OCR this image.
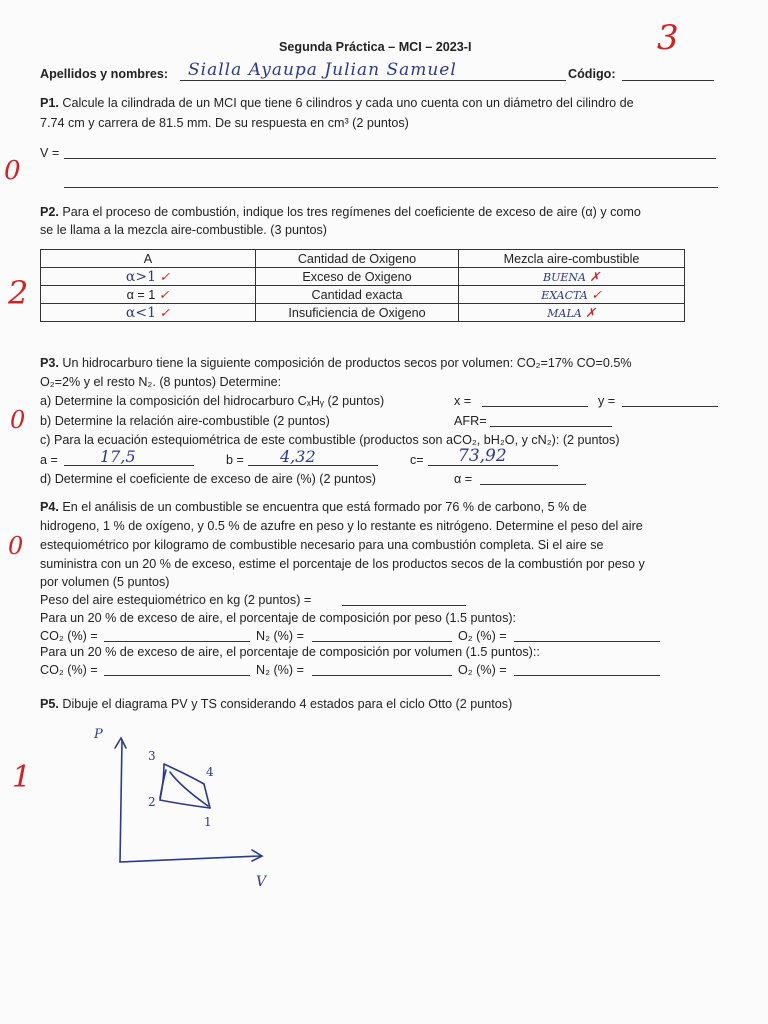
Segunda Práctica – MCI – 2023-I	3
Apellidos y nombres: Sialla Ayaupa Julian Samuel	Código:
P1. Calcule la cilindrada de un MCI que tiene 6 cilindros y cada uno cuenta con un diámetro del cilindro de
7.74 cm y carrera de 81.5 mm. De su respuesta en cm³ (2 puntos)
V =
0
P2. Para el proceso de combustión, indique los tres regímenes del coeficiente de exceso de aire (α) y como
se le llama a la mezcla aire-combustible. (3 puntos)
2
A	Cantidad de Oxigeno	Mezcla aire-combustible
α>1 ✓	Exceso de Oxigeno	BUENA ✗
α = 1 ✓	Cantidad exacta	EXACTA ✓
α<1 ✓	Insuficiencia de Oxigeno	MALA ✗
P3. Un hidrocarburo tiene la siguiente composición de productos secos por volumen: CO₂=17% CO=0.5%
O₂=2% y el resto N₂. (8 puntos) Determine:
a) Determine la composición del hidrocarburo CₓHᵧ (2 puntos)	x =	y =
b) Determine la relación aire-combustible (2 puntos)	AFR=
0
c) Para la ecuación estequiométrica de este combustible (productos son aCO₂, bH₂O, y cN₂): (2 puntos)
a =	17,5	b = 4,32	c= 73,92
d) Determine el coeficiente de exceso de aire (%) (2 puntos)	α =
P4. En el análisis de un combustible se encuentra que está formado por 76 % de carbono, 5 % de
hidrogeno, 1 % de oxígeno, y 0.5 % de azufre en peso y lo restante es nitrógeno. Determine el peso del aire
estequiométrico por kilogramo de combustible necesario para una combustión completa. Si el aire se
suministra con un 20 % de exceso, estime el porcentaje de los productos secos de la combustión por peso y
por volumen (5 puntos)
0
Peso del aire estequiométrico en kg (2 puntos) =
Para un 20 % de exceso de aire, el porcentaje de composición por peso (1.5 puntos):
CO₂ (%) =	N₂ (%) =	O₂ (%) =
Para un 20 % de exceso de aire, el porcentaje de composición por volumen (1.5 puntos)::
CO₂ (%) =	N₂ (%) =	O₂ (%) =
P5. Dibuje el diagrama PV y TS considerando 4 estados para el ciclo Otto (2 puntos)
1
P
V
1
2
3
4
